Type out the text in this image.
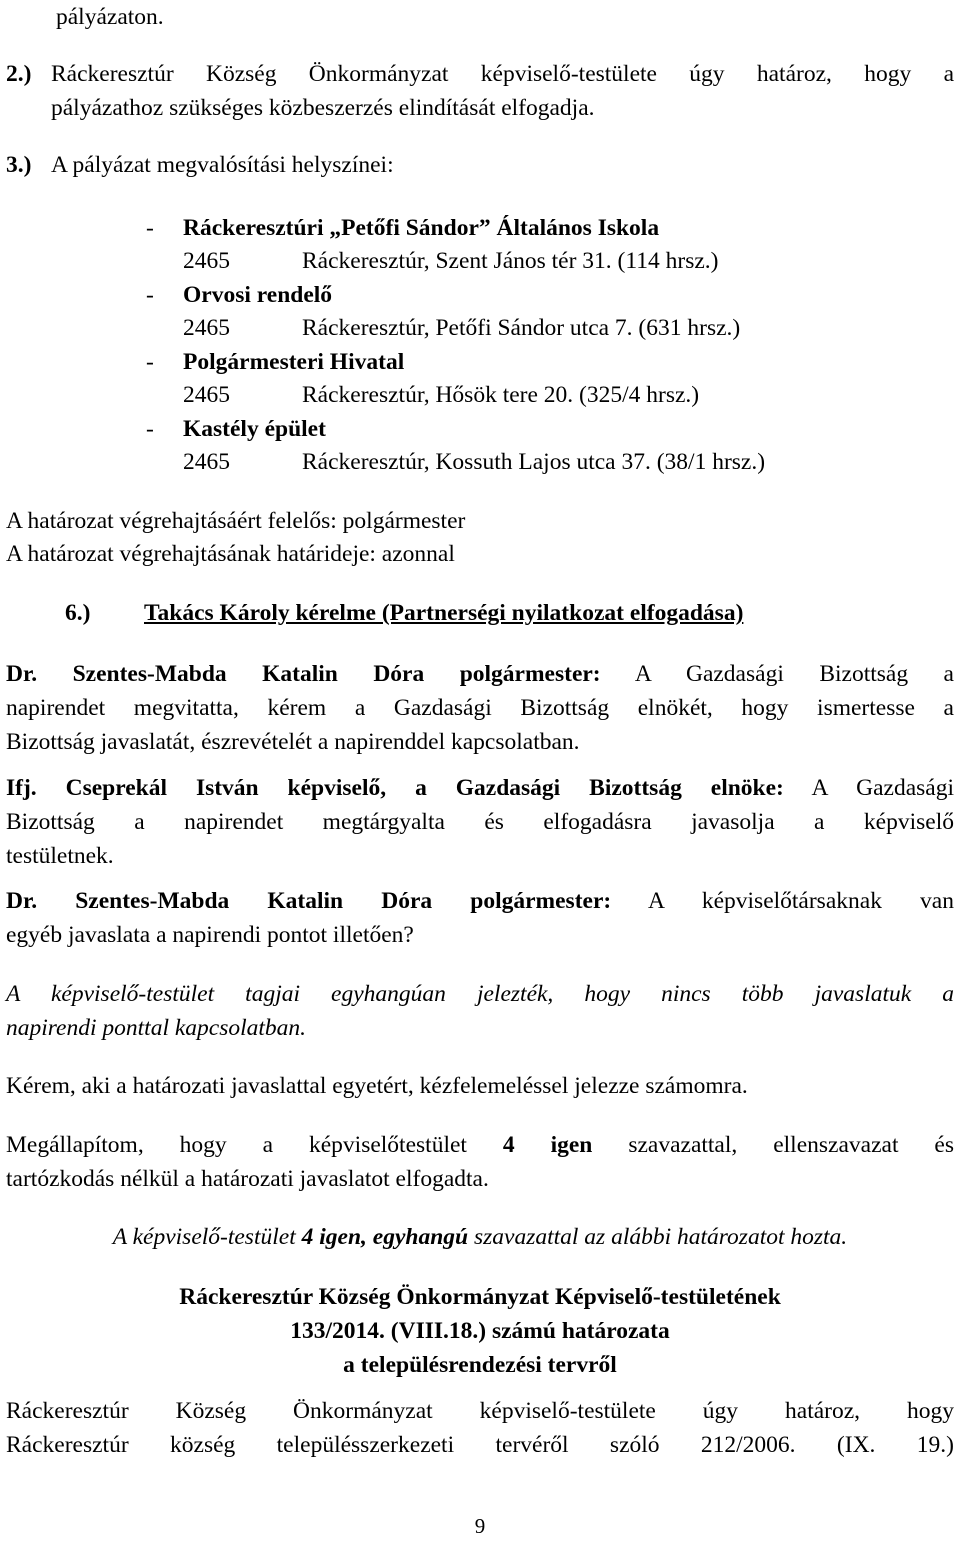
pályázaton.
2.) Ráckeresztúr Község Önkormányzat képviselő-testülete úgy határoz, hogy a
pályázathoz szükséges közbeszerzés elindítását elfogadja.
3.) A pályázat megvalósítási helyszínei:
- Ráckeresztúri „Petőfi Sándor” Általános Iskola
2465	Ráckeresztúr, Szent János tér 31. (114 hrsz.)
- Orvosi rendelő
2465	Ráckeresztúr, Petőfi Sándor utca 7. (631 hrsz.)
- Polgármesteri Hivatal
2465	Ráckeresztúr, Hősök tere 20. (325/4 hrsz.)
- Kastély épület
2465	Ráckeresztúr, Kossuth Lajos utca 37. (38/1 hrsz.)
A határozat végrehajtásáért felelős: polgármester
A határozat végrehajtásának határideje: azonnal
6.) Takács Károly kérelme (Partnerségi nyilatkozat elfogadása)
Dr. Szentes-Mabda Katalin Dóra polgármester: A Gazdasági Bizottság a
napirendet megvitatta, kérem a Gazdasági Bizottság elnökét, hogy ismertesse a
Bizottság javaslatát, észrevételét a napirenddel kapcsolatban.
Ifj. Cseprekál István képviselő, a Gazdasági Bizottság elnöke: A Gazdasági
Bizottság a napirendet megtárgyalta és elfogadásra javasolja a képviselő
testületnek.
Dr. Szentes-Mabda Katalin Dóra polgármester: A képviselőtársaknak van
egyéb javaslata a napirendi pontot illetően?
A képviselő-testület tagjai egyhangúan jelezték, hogy nincs több javaslatuk a
napirendi ponttal kapcsolatban.
Kérem, aki a határozati javaslattal egyetért, kézfelemeléssel jelezze számomra.
Megállapítom, hogy a képviselőtestület 4 igen szavazattal, ellenszavazat és
tartózkodás nélkül a határozati javaslatot elfogadta.
A képviselő-testület 4 igen, egyhangú szavazattal az alábbi határozatot hozta.
Ráckeresztúr Község Önkormányzat Képviselő-testületének
133/2014. (VIII.18.) számú határozata
a településrendezési tervről
Ráckeresztúr Község Önkormányzat képviselő-testülete úgy határoz, hogy
Ráckeresztúr község településszerkezeti tervéről szóló 212/2006. (IX. 19.)
9
